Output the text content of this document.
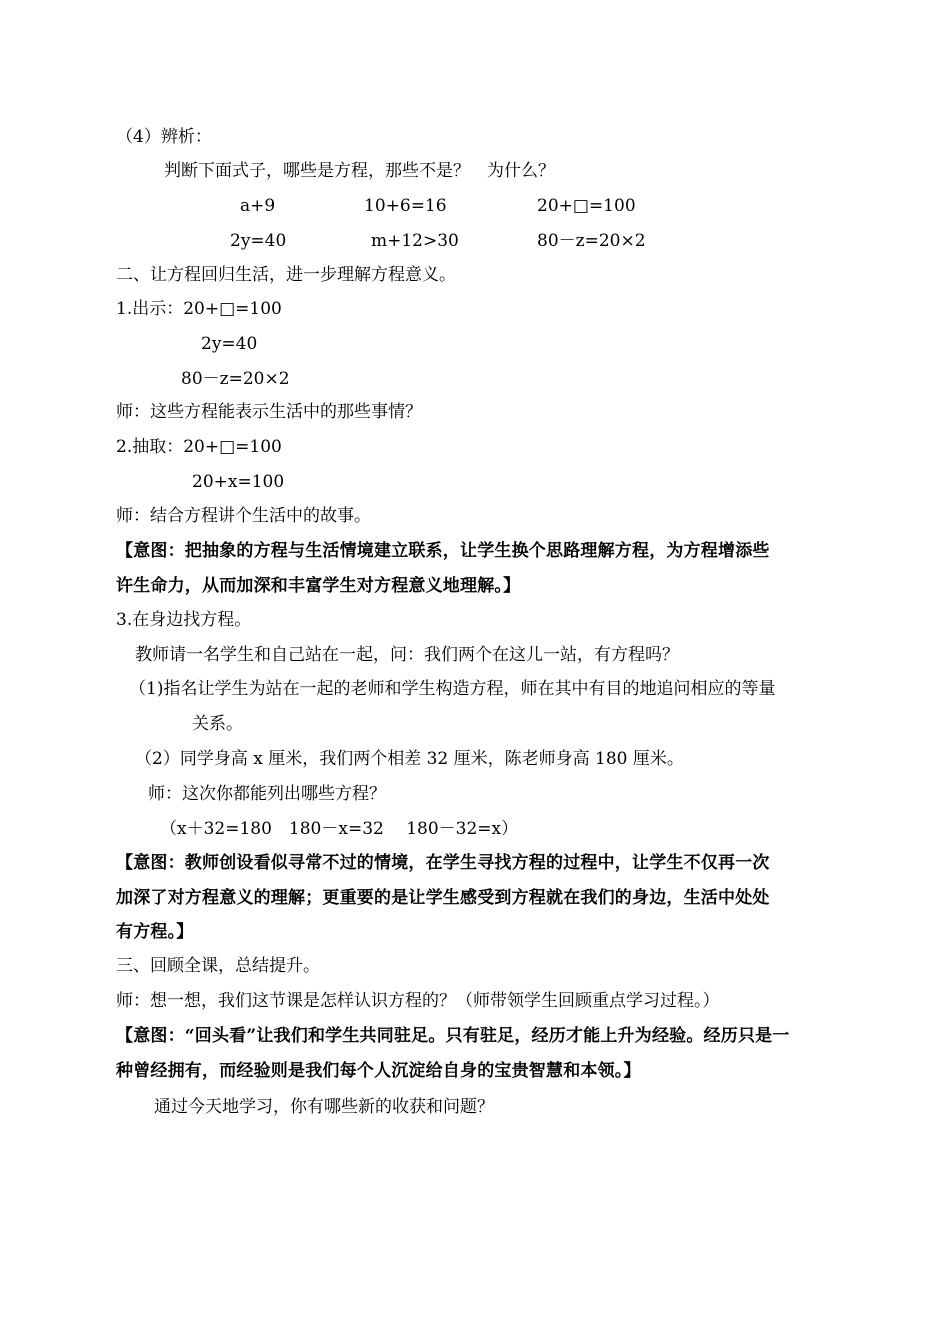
（4）辨析：
判断下面式子，哪些是方程，那些不是？　为什么？
a+9	10+6=16	20+□=100
2y=40	m+12>30	80－z=20×2
二、让方程回归生活，进一步理解方程意义。
1.出示：20+□=100
2y=40
80－z=20×2
师：这些方程能表示生活中的那些事情？
2.抽取：20+□=100
20+x=100
师：结合方程讲个生活中的故事。
【意图：把抽象的方程与生活情境建立联系，让学生换个思路理解方程，为方程增添些
许生命力，从而加深和丰富学生对方程意义地理解。】
3.在身边找方程。
教师请一名学生和自己站在一起，问：我们两个在这儿一站，有方程吗？
（1)指名让学生为站在一起的老师和学生构造方程，师在其中有目的地追问相应的等量
关系。
（2）同学身高 x 厘米，我们两个相差 32 厘米，陈老师身高 180 厘米。
师：这次你都能列出哪些方程？
（x＋32=180　180－x=32　 180－32=x）
【意图：教师创设看似寻常不过的情境，在学生寻找方程的过程中，让学生不仅再一次
加深了对方程意义的理解；更重要的是让学生感受到方程就在我们的身边，生活中处处
有方程。】
三、回顾全课，总结提升。
师：想一想，我们这节课是怎样认识方程的？（师带领学生回顾重点学习过程。）
【意图：“回头看”让我们和学生共同驻足。只有驻足，经历才能上升为经验。经历只是一
种曾经拥有，而经验则是我们每个人沉淀给自身的宝贵智慧和本领。】
通过今天地学习，你有哪些新的收获和问题？
